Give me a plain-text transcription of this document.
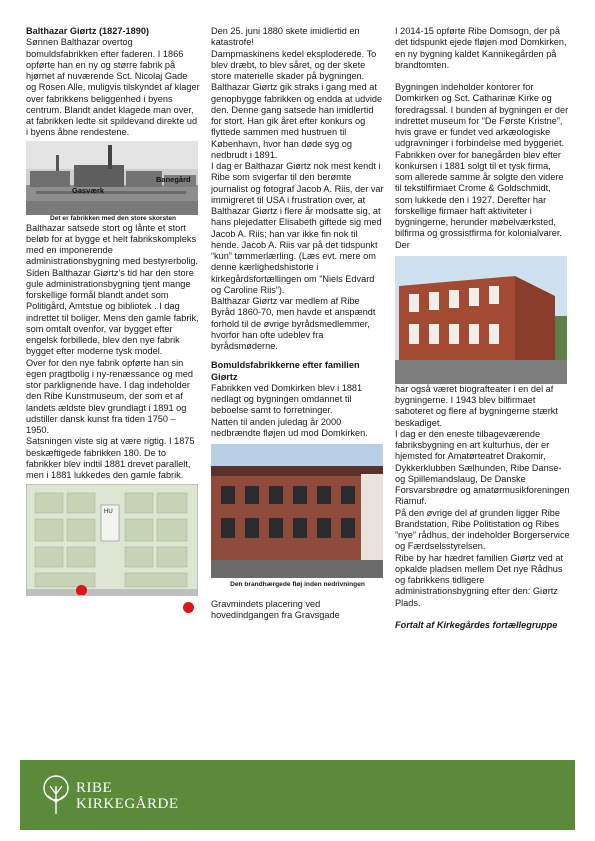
Balthazar Giørtz (1827-1890)

Sønnen Balthazar overtog bomuldsfabrikken efter faderen. I 1866 opførte han en ny og større fabrik på hjørnet af nuværende Sct. Nicolaj Gade og Rosen Alle, muligvis tilskyndet af klager over fabrikkens beliggenhed i byens centrum. Blandt andet klagede man over, at fabrikken ledte sit spildevand direkte ud i byens åbne rendestene.

Gasværk
Banegård

Det er fabrikken med den store skorsten

Balthazar satsede stort og lånte et stort beløb for at bygge et helt fabrikskompleks med en imponerende administrationsbygning med bestyrerbolig. Siden Balthazar Giørtz’s tid har den store gule administrationsbygning tjent mange forskellige formål blandt andet som Politigård, Amtstue og bibliotek . I dag indrettet til boliger. Mens den gamle fabrik, som omtalt ovenfor, var bygget efter engelsk forbillede, blev den nye fabrik bygget efter moderne tysk model.

Over for den nye fabrik opførte han sin egen pragtbolig i ny-renæssance og med stor parklignende have. I dag indeholder den Ribe Kunstmuseum, der som et af landets ældste blev grundlagt i 1891 og udstiller dansk kunst fra tiden 1750 – 1950.

Satsningen viste sig at være rigtig. I 1875 beskæftigede fabrikken 180. De to fabrikker blev indtil 1881 drevet parallelt, men i 1881 lukkedes den gamle fabrik.

HU

Den 25. juni 1880 skete imidlertid en katastrofe!

Dampmaskinens kedel eksploderede. To blev dræbt, to blev såret, og der skete store materielle skader på bygningen.

Balthazar Giørtz gik straks i gang med at genopbygge fabrikken og endda at udvide den. Denne gang satsede han imidlertid for stort. Han gik året efter konkurs og flyttede sammen med hustruen til København, hvor han døde syg og nedbrudt i 1891.

I dag er Balthazar Giørtz nok mest kendt i Ribe som svigerfar til den berømte journalist og fotograf Jacob A. Riis, der var immigreret til USA i frustration over, at Balthazar Giørtz i flere år modsatte sig, at hans plejedatter Elisabeth giftede sig med Jacob A. Riis; han var ikke fin nok til hende. Jacob A. Riis var på det tidspunkt “kun” tømmerlærling. (Læs evt. mere om denne kærlighedshistorie i kirkegårdsfortællingen om ”Niels Edvard og Caroline Riis”).

Balthazar Giørtz var medlem af Ribe Byråd 1860-70, men havde et anspændt forhold til de øvrige byrådsmedlemmer, hvorfor han ofte udeblev fra byrådsmøderne.

Bomuldsfabrikkerne efter familien Giørtz

Fabrikken ved Domkirken blev i 1881 nedlagt og bygningen omdannet til beboelse samt to forretninger.

Natten til anden juledag år 2000 nedbrændte fløjen ud mod Domkirken.

Den brandhærgede fløj inden nedrivningen

Gravmindets placering ved hovedindgangen fra Gravsgade

I 2014-15 opførte Ribe Domsogn, der på det tidspunkt ejede fløjen mod Domkirken, en ny bygning kaldet Kannikegården på brandtomten.

Bygningen indeholder kontorer for Domkirken og Sct. Catharinæ Kirke og foredragssal. I bunden af bygningen er der indrettet museum for ”De Første Kristne”, hvis grave er fundet ved arkæologiske udgravninger i forbindelse med byggeriet.

Fabrikken over for banegården blev efter konkursen i 1881 solgt til et tysk firma, som allerede samme år solgte den videre til tekstilfirmaet Crome & Goldschmidt, som lukkede den i 1927. Derefter har forskellige firmaer haft aktiviteter i bygningerne, herunder møbelværksted, bilfirma og grossistfirma for kolonialvarer. Der

har også været biografteater i en del af bygningerne. I 1943 blev bilfirmaet saboteret og flere af bygningerne stærkt beskadiget.

I dag er den eneste tilbageværende fabriksbygning en art kulturhus, der er hjemsted for Amatørteatret Drakomir, Dykkerklubben Sælhunden, Ribe Danse- og Spillemandslaug, De Danske Forsvarsbrødre og amatørmusikforeningen Riamuf.

På den øvrige del af grunden ligger Ribe Brandstation, Ribe Politistation og Ribes ”nye” rådhus, der indeholder Borgerservice og Færdselsstyrelsen.

Ribe by har hædret familien Giørtz ved at opkalde pladsen mellem Det nye Rådhus og fabrikkens tidligere administrationsbygning efter den: Giørtz Plads.

Fortalt af Kirkegårdes fortællegruppe

RIBE
KIRKEGÅRDE
